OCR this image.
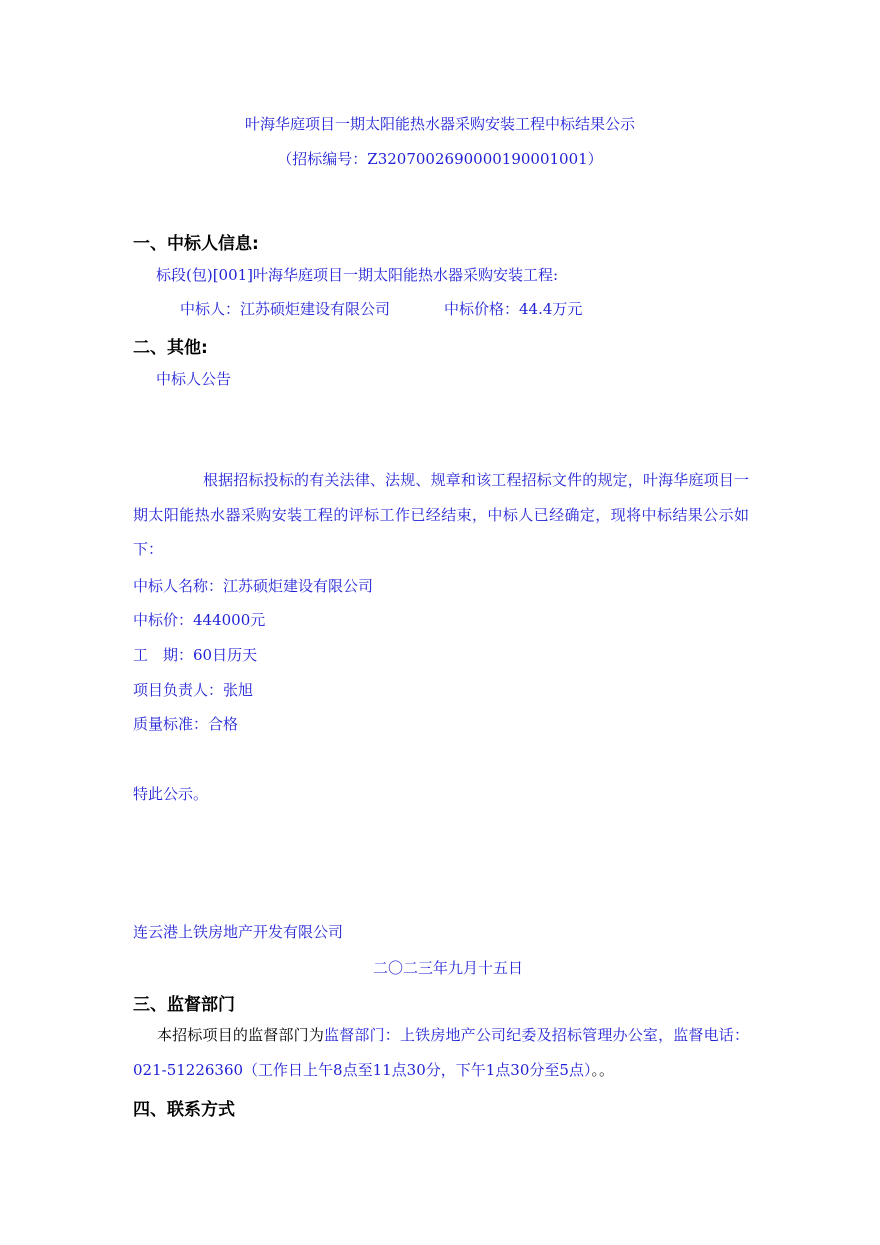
叶海华庭项目一期太阳能热水器采购安装工程中标结果公示
（招标编号：Z3207002690000190001001）
一、中标人信息:
标段(包)[001]叶海华庭项目一期太阳能热水器采购安装工程:
中标人：江苏硕炬建设有限公司	中标价格：44.4万元
二、其他:
中标人公告
根据招标投标的有关法律、法规、规章和该工程招标文件的规定，叶海华庭项目一期太阳能热水器采购安装工程的评标工作已经结束，中标人已经确定，现将中标结果公示如下：
中标人名称：江苏硕炬建设有限公司
中标价：444000元
工　期：60日历天
项目负责人：张旭
质量标准：合格
特此公示。
连云港上铁房地产开发有限公司
二〇二三年九月十五日
三、监督部门
本招标项目的监督部门为监督部门：上铁房地产公司纪委及招标管理办公室，监督电话：021-51226360（工作日上午8点至11点30分，下午1点30分至5点）。。
四、联系方式
